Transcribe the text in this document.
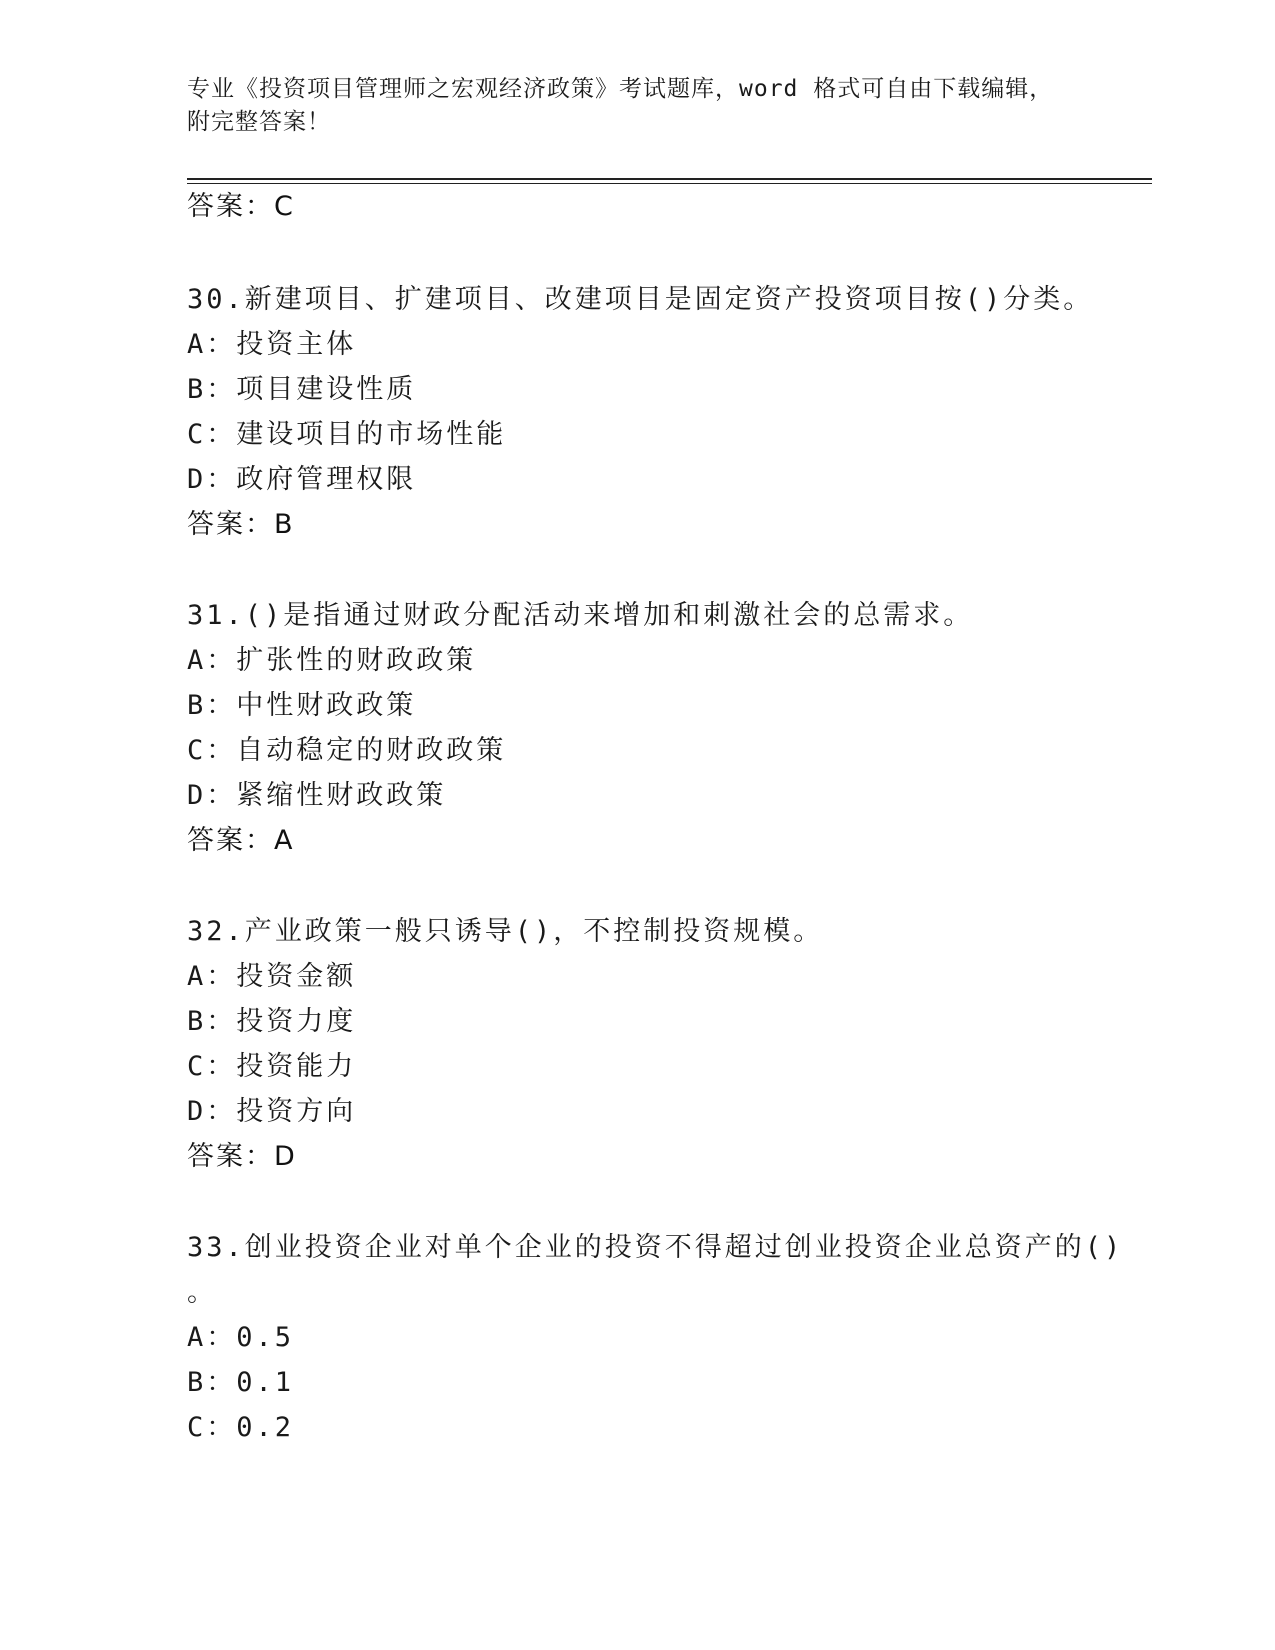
专业《投资项目管理师之宏观经济政策》考试题库，word 格式可自由下载编辑，
附完整答案！
答案：C
30.新建项目、扩建项目、改建项目是固定资产投资项目按()分类。
A：投资主体
B：项目建设性质
C：建设项目的市场性能
D：政府管理权限
答案：B
31.()是指通过财政分配活动来增加和刺激社会的总需求。
A：扩张性的财政政策
B：中性财政政策
C：自动稳定的财政政策
D：紧缩性财政政策
答案：A
32.产业政策一般只诱导()，不控制投资规模。
A：投资金额
B：投资力度
C：投资能力
D：投资方向
答案：D
33.创业投资企业对单个企业的投资不得超过创业投资企业总资产的()
。
A：0.5
B：0.1
C：0.2
